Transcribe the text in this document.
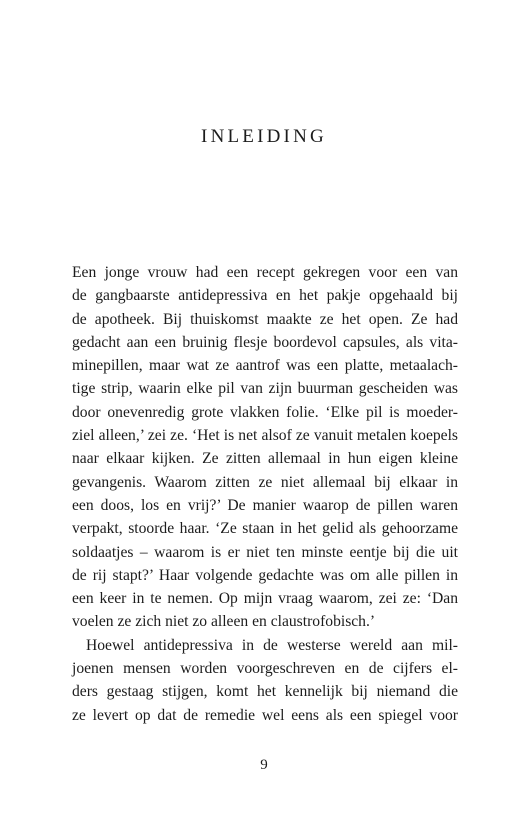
INLEIDING
Een jonge vrouw had een recept gekregen voor een van
de gangbaarste antidepressiva en het pakje opgehaald bij
de apotheek. Bij thuiskomst maakte ze het open. Ze had
gedacht aan een bruinig flesje boordevol capsules, als vita-
minepillen, maar wat ze aantrof was een platte, metaalach-
tige strip, waarin elke pil van zijn buurman gescheiden was
door onevenredig grote vlakken folie. ‘Elke pil is moeder-
ziel alleen,’ zei ze. ‘Het is net alsof ze vanuit metalen koepels
naar elkaar kijken. Ze zitten allemaal in hun eigen kleine
gevangenis. Waarom zitten ze niet allemaal bij elkaar in
een doos, los en vrij?’ De manier waarop de pillen waren
verpakt, stoorde haar. ‘Ze staan in het gelid als gehoorzame
soldaatjes – waarom is er niet ten minste eentje bij die uit
de rij stapt?’ Haar volgende gedachte was om alle pillen in
een keer in te nemen. Op mijn vraag waarom, zei ze: ‘Dan
voelen ze zich niet zo alleen en claustrofobisch.’
Hoewel antidepressiva in de westerse wereld aan mil-
joenen mensen worden voorgeschreven en de cijfers el-
ders gestaag stijgen, komt het kennelijk bij niemand die
ze levert op dat de remedie wel eens als een spiegel voor
9
